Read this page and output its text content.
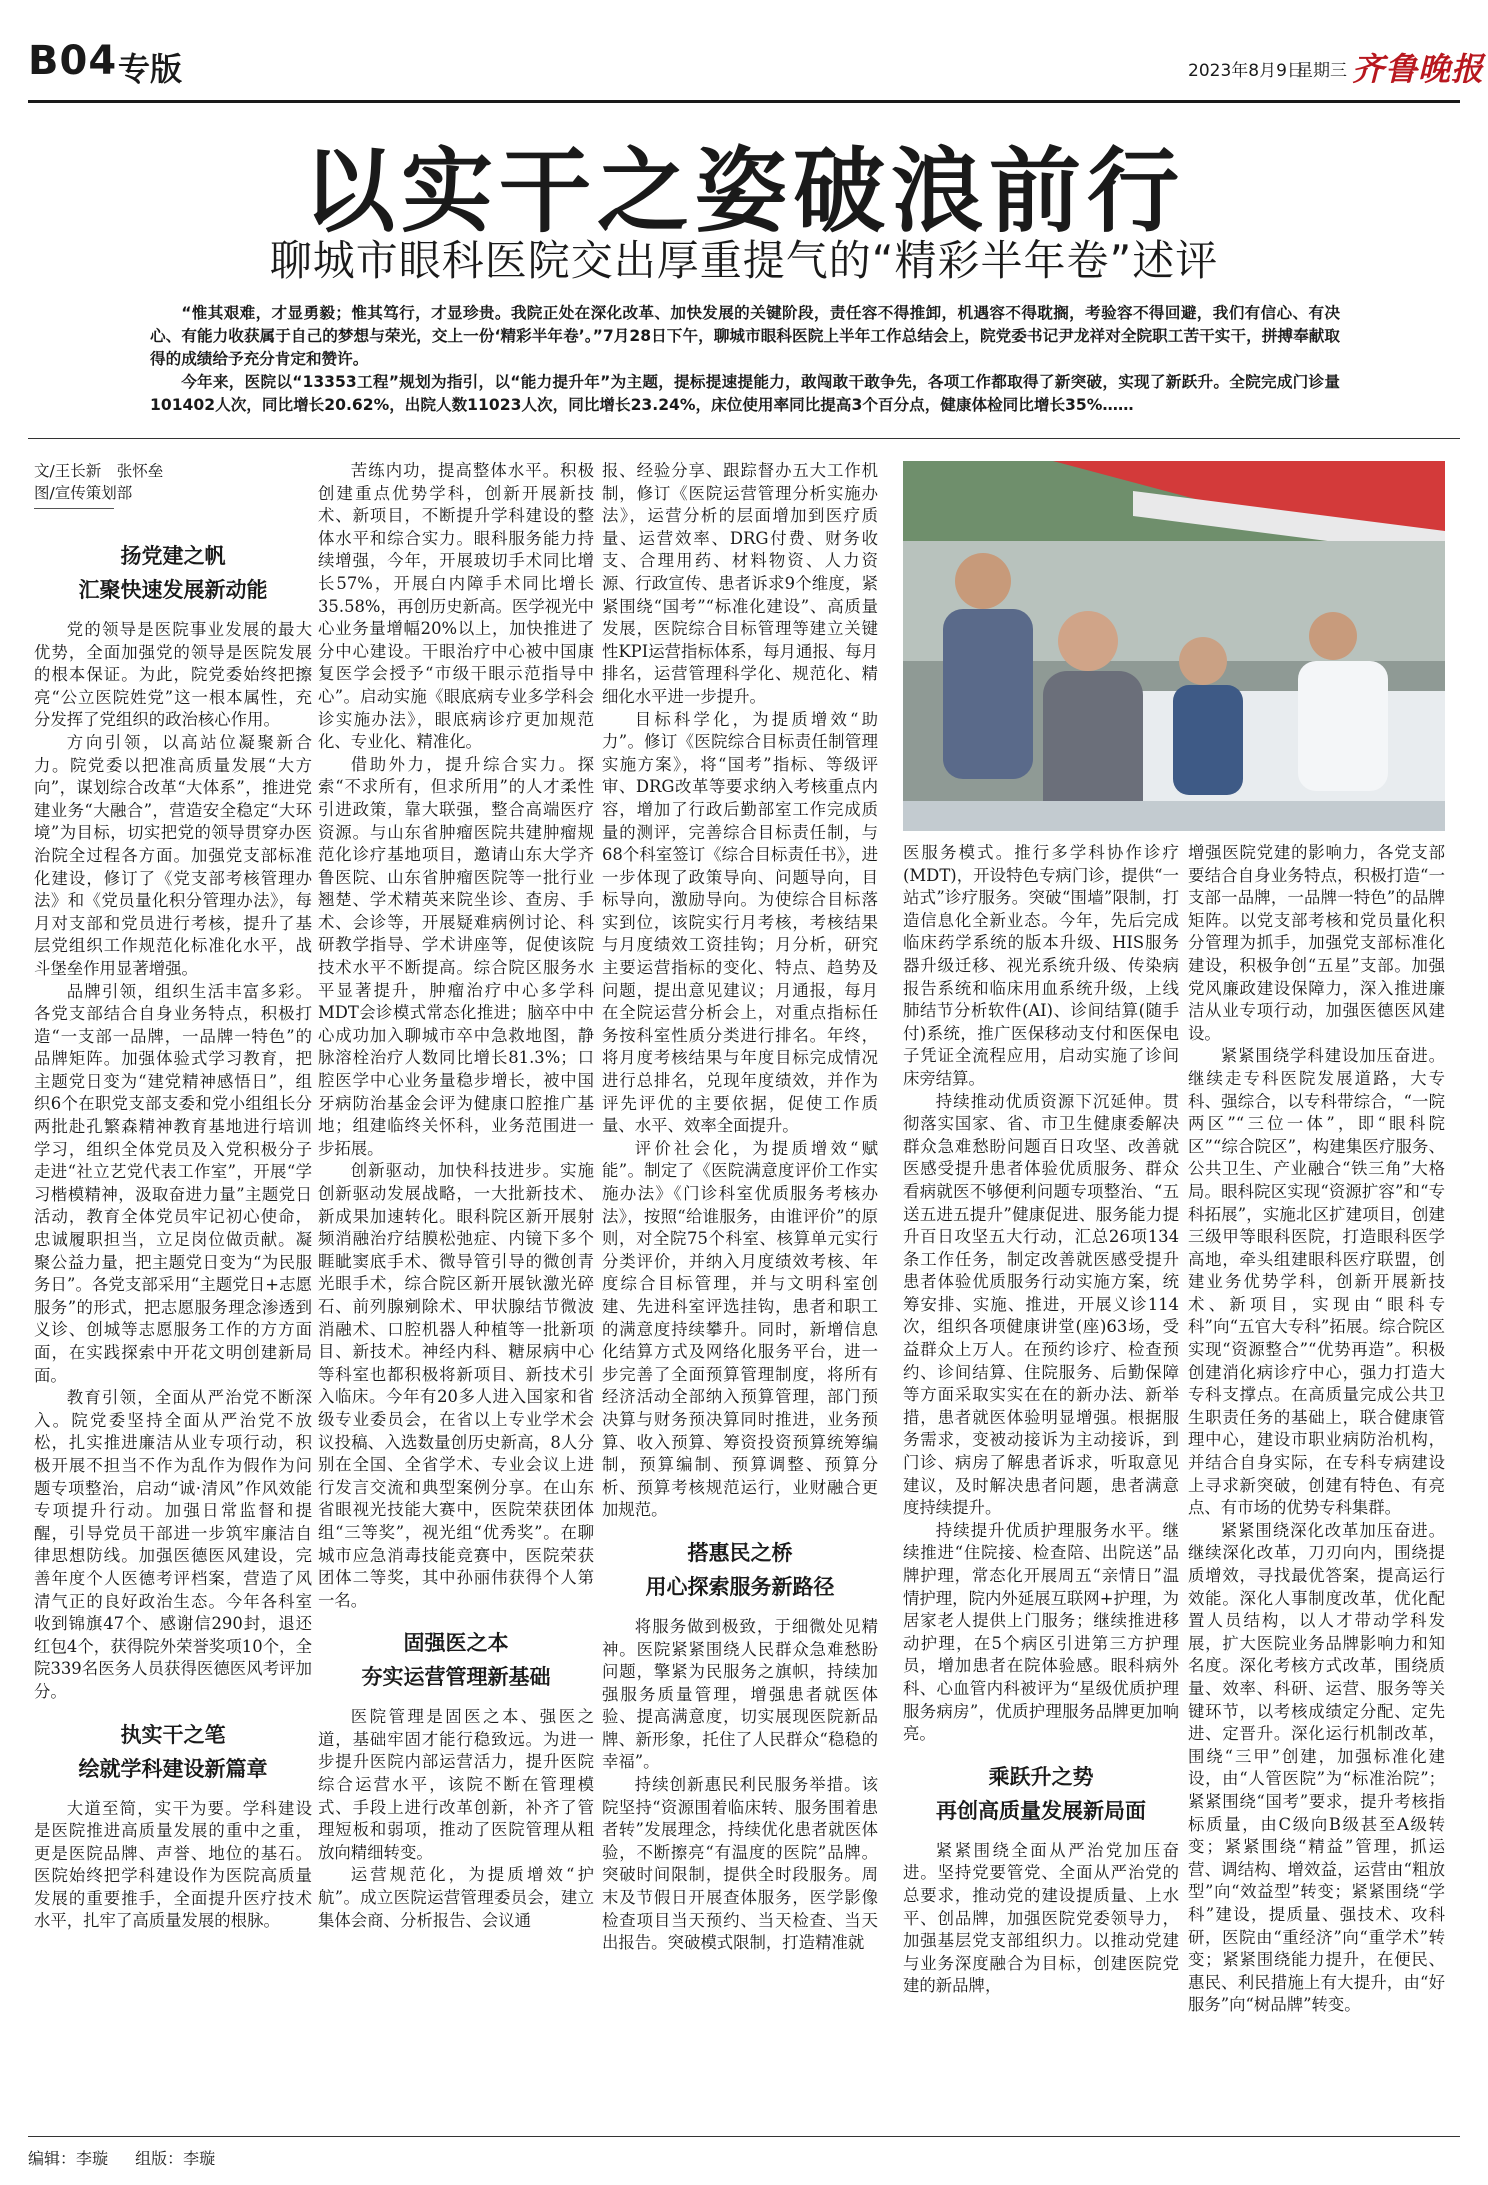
B04 专版	2023年8月9日
星期三 齐鲁晚报
以实干之姿破浪前行
聊城市眼科医院交出厚重提气的“精彩半年卷”述评

“惟其艰难，才显勇毅；惟其笃行，才显珍贵。我院正处在深化改革、加快发展的关键阶段，责任容不得推卸，机遇容不得耽搁，考验容不得回避，我们有信心、有决心、有能力收获属于自己的梦想与荣光，交上一份‘精彩半年卷’。”7月28日下午，聊城市眼科医院上半年工作总结会上，院党委书记尹龙祥对全院职工苦干实干，拼搏奉献取得的成绩给予充分肯定和赞许。

今年来，医院以“13353工程”规划为指引，以“能力提升年”为主题，提标提速提能力，敢闯敢干敢争先，各项工作都取得了新突破，实现了新跃升。全院完成门诊量101402人次，同比增长20.62%，出院人数11023人次，同比增长23.24%，床位使用率同比提高3个百分点，健康体检同比增长35%……

文/王长新　张怀垒
图/宣传策划部
扬党建之帆
汇聚快速发展新动能

党的领导是医院事业发展的最大优势，全面加强党的领导是医院发展的根本保证。为此，院党委始终把擦亮“公立医院姓党”这一根本属性，充分发挥了党组织的政治核心作用。

方向引领，以高站位凝聚新合力。院党委以把准高质量发展“大方向”，谋划综合改革“大体系”，推进党建业务“大融合”，营造安全稳定“大环境”为目标，切实把党的领导贯穿办医治院全过程各方面。加强党支部标准化建设，修订了《党支部考核管理办法》和《党员量化积分管理办法》，每月对支部和党员进行考核，提升了基层党组织工作规范化标准化水平，战斗堡垒作用显著增强。

品牌引领，组织生活丰富多彩。各党支部结合自身业务特点，积极打造“一支部一品牌，一品牌一特色”的品牌矩阵。加强体验式学习教育，把主题党日变为“建党精神感悟日”，组织6个在职党支部支委和党小组组长分两批赴孔繁森精神教育基地进行培训学习，组织全体党员及入党积极分子走进“社立艺党代表工作室”，开展“学习楷模精神，汲取奋进力量”主题党日活动，教育全体党员牢记初心使命，忠诚履职担当，立足岗位做贡献。凝聚公益力量，把主题党日变为“为民服务日”。各党支部采用“主题党日+志愿服务”的形式，把志愿服务理念渗透到义诊、创城等志愿服务工作的方方面面，在实践探索中开花文明创建新局面。

教育引领，全面从严治党不断深入。院党委坚持全面从严治党不放松，扎实推进廉洁从业专项行动，积极开展不担当不作为乱作为假作为问题专项整治，启动“诚·清风”作风效能专项提升行动。加强日常监督和提醒，引导党员干部进一步筑牢廉洁自律思想防线。加强医德医风建设，完善年度个人医德考评档案，营造了风清气正的良好政治生态。今年各科室收到锦旗47个、感谢信290封，退还红包4个，获得院外荣誉奖项10个，全院339名医务人员获得医德医风考评加分。

执实干之笔
绘就学科建设新篇章

大道至简，实干为要。学科建设是医院推进高质量发展的重中之重，更是医院品牌、声誉、地位的基石。医院始终把学科建设作为医院高质量发展的重要推手，全面提升医疗技术水平，扎牢了高质量发展的根脉。

苦练内功，提高整体水平。积极创建重点优势学科，创新开展新技术、新项目，不断提升学科建设的整体水平和综合实力。眼科服务能力持续增强，今年，开展玻切手术同比增长57%，开展白内障手术同比增长35.58%，再创历史新高。医学视光中心业务量增幅20%以上，加快推进了分中心建设。干眼治疗中心被中国康复医学会授予“市级干眼示范指导中心”。启动实施《眼底病专业多学科会诊实施办法》，眼底病诊疗更加规范化、专业化、精准化。

借助外力，提升综合实力。探索“不求所有，但求所用”的人才柔性引进政策，靠大联强，整合高端医疗资源。与山东省肿瘤医院共建肿瘤规范化诊疗基地项目，邀请山东大学齐鲁医院、山东省肿瘤医院等一批行业翘楚、学术精英来院坐诊、查房、手术、会诊等，开展疑难病例讨论、科研教学指导、学术讲座等，促使该院技术水平不断提高。综合院区服务水平显著提升，肿瘤治疗中心多学科MDT会诊模式常态化推进；脑卒中中心成功加入聊城市卒中急救地图，静脉溶栓治疗人数同比增长81.3%；口腔医学中心业务量稳步增长，被中国牙病防治基金会评为健康口腔推广基地；组建临终关怀科，业务范围进一步拓展。

创新驱动，加快科技进步。实施创新驱动发展战略，一大批新技术、新成果加速转化。眼科院区新开展射频消融治疗结膜松弛症、内镜下多个睚眦窦底手术、微导管引导的微创青光眼手术，综合院区新开展钬激光碎石、前列腺剜除术、甲状腺结节微波消融术、口腔机器人种植等一批新项目、新技术。神经内科、糖尿病中心等科室也都积极将新项目、新技术引入临床。今年有20多人进入国家和省级专业委员会，在省以上专业学术会议投稿、入选数量创历史新高，8人分别在全国、全省学术、专业会议上进行发言交流和典型案例分享。在山东省眼视光技能大赛中，医院荣获团体组“三等奖”，视光组“优秀奖”。在聊城市应急消毒技能竞赛中，医院荣获团体二等奖，其中孙丽伟获得个人第一名。

固强医之本
夯实运营管理新基础

医院管理是固医之本、强医之道，基础牢固才能行稳致远。为进一步提升医院内部运营活力，提升医院综合运营水平，该院不断在管理模式、手段上进行改革创新，补齐了管理短板和弱项，推动了医院管理从粗放向精细转变。

运营规范化，为提质增效“护航”。成立医院运营管理委员会，建立集体会商、分析报告、会议通

报、经验分享、跟踪督办五大工作机制，修订《医院运营管理分析实施办法》，运营分析的层面增加到医疗质量、运营效率、DRG付费、财务收支、合理用药、材料物资、人力资源、行政宣传、患者诉求9个维度，紧紧围绕“国考”“标准化建设”、高质量发展，医院综合目标管理等建立关键性KPI运营指标体系，每月通报、每月排名，运营管理科学化、规范化、精细化水平进一步提升。

目标科学化，为提质增效“助力”。修订《医院综合目标责任制管理实施方案》，将“国考”指标、等级评审、DRG改革等要求纳入考核重点内容，增加了行政后勤部室工作完成质量的测评，完善综合目标责任制，与68个科室签订《综合目标责任书》，进一步体现了政策导向、问题导向，目标导向，激励导向。为使综合目标落实到位，该院实行月考核，考核结果与月度绩效工资挂钩；月分析，研究主要运营指标的变化、特点、趋势及问题，提出意见建议；月通报，每月在全院运营分析会上，对重点指标任务按科室性质分类进行排名。年终，将月度考核结果与年度目标完成情况进行总排名，兑现年度绩效，并作为评先评优的主要依据，促使工作质量、水平、效率全面提升。

评价社会化，为提质增效“赋能”。制定了《医院满意度评价工作实施办法》《门诊科室优质服务考核办法》，按照“给谁服务，由谁评价”的原则，对全院75个科室、核算单元实行分类评价，并纳入月度绩效考核、年度综合目标管理，并与文明科室创建、先进科室评选挂钩，患者和职工的满意度持续攀升。同时，新增信息化结算方式及网络化服务平台，进一步完善了全面预算管理制度，将所有经济活动全部纳入预算管理，部门预决算与财务预决算同时推进，业务预算、收入预算、筹资投资预算统筹编制，预算编制、预算调整、预算分析、预算考核规范运行，业财融合更加规范。

搭惠民之桥
用心探索服务新路径

将服务做到极致，于细微处见精神。医院紧紧围绕人民群众急难愁盼问题，擎紧为民服务之旗帜，持续加强服务质量管理，增强患者就医体验、提高满意度，切实展现医院新品牌、新形象，托住了人民群众“稳稳的幸福”。

持续创新惠民利民服务举措。该院坚持“资源围着临床转、服务围着患者转”发展理念，持续优化患者就医体验，不断擦亮“有温度的医院”品牌。突破时间限制，提供全时段服务。周末及节假日开展查体服务，医学影像检查项目当天预约、当天检查、当天出报告。突破模式限制，打造精准就

医服务模式。推行多学科协作诊疗(MDT)，开设特色专病门诊，提供“一站式”诊疗服务。突破“围墙”限制，打造信息化全新业态。今年，先后完成临床药学系统的版本升级、HIS服务器升级迁移、视光系统升级、传染病报告系统和临床用血系统升级，上线肺结节分析软件(AI)、诊间结算(随手付)系统，推广医保移动支付和医保电子凭证全流程应用，启动实施了诊间床旁结算。

持续推动优质资源下沉延伸。贯彻落实国家、省、市卫生健康委解决群众急难愁盼问题百日攻坚、改善就医感受提升患者体验优质服务、群众看病就医不够便利问题专项整治、“五送五进五提升”健康促进、服务能力提升百日攻坚五大行动，汇总26项134条工作任务，制定改善就医感受提升患者体验优质服务行动实施方案，统筹安排、实施、推进，开展义诊114次，组织各项健康讲堂(座)63场，受益群众上万人。在预约诊疗、检查预约、诊间结算、住院服务、后勤保障等方面采取实实在在的新办法、新举措，患者就医体验明显增强。根据服务需求，变被动接诉为主动接诉，到门诊、病房了解患者诉求，听取意见建议，及时解决患者问题，患者满意度持续提升。

持续提升优质护理服务水平。继续推进“住院接、检查陪、出院送”品牌护理，常态化开展周五“亲情日”温情护理，院内外延展互联网+护理，为居家老人提供上门服务；继续推进移动护理，在5个病区引进第三方护理员，增加患者在院体验感。眼科病外科、心血管内科被评为“星级优质护理服务病房”，优质护理服务品牌更加响亮。

乘跃升之势
再创高质量发展新局面

紧紧围绕全面从严治党加压奋进。坚持党要管党、全面从严治党的总要求，推动党的建设提质量、上水平、创品牌，加强医院党委领导力，加强基层党支部组织力。以推动党建与业务深度融合为目标，创建医院党建的新品牌，

增强医院党建的影响力，各党支部要结合自身业务特点，积极打造“一支部一品牌，一品牌一特色”的品牌矩阵。以党支部考核和党员量化积分管理为抓手，加强党支部标准化建设，积极争创“五星”支部。加强党风廉政建设保障力，深入推进廉洁从业专项行动，加强医德医风建设。

紧紧围绕学科建设加压奋进。继续走专科医院发展道路，大专科、强综合，以专科带综合，“一院两区”“三位一体”，即“眼科院区”“综合院区”，构建集医疗服务、公共卫生、产业融合“铁三角”大格局。眼科院区实现“资源扩容”和“专科拓展”，实施北区扩建项目，创建三级甲等眼科医院，打造眼科医学高地，牵头组建眼科医疗联盟，创建业务优势学科，创新开展新技术、新项目，实现由“眼科专科”向“五官大专科”拓展。综合院区实现“资源整合”“优势再造”。积极创建消化病诊疗中心，强力打造大专科支撑点。在高质量完成公共卫生职责任务的基础上，联合健康管理中心，建设市职业病防治机构，并结合自身实际，在专科专病建设上寻求新突破，创建有特色、有亮点、有市场的优势专科集群。

紧紧围绕深化改革加压奋进。继续深化改革，刀刃向内，围绕提质增效，寻找最优答案，提高运行效能。深化人事制度改革，优化配置人员结构，以人才带动学科发展，扩大医院业务品牌影响力和知名度。深化考核方式改革，围绕质量、效率、科研、运营、服务等关键环节，以考核成绩定分配、定先进、定晋升。深化运行机制改革，围绕“三甲”创建，加强标准化建设，由“人管医院”为“标准治院”；紧紧围绕“国考”要求，提升考核指标质量，由C级向B级甚至A级转变；紧紧围绕“精益”管理，抓运营、调结构、增效益，运营由“粗放型”向“效益型”转变；紧紧围绕“学科”建设，提质量、强技术、攻科研，医院由“重经济”向“重学术”转变；紧紧围绕能力提升，在便民、惠民、利民措施上有大提升，由“好服务”向“树品牌”转变。

编辑：李璇 组版：李璇
